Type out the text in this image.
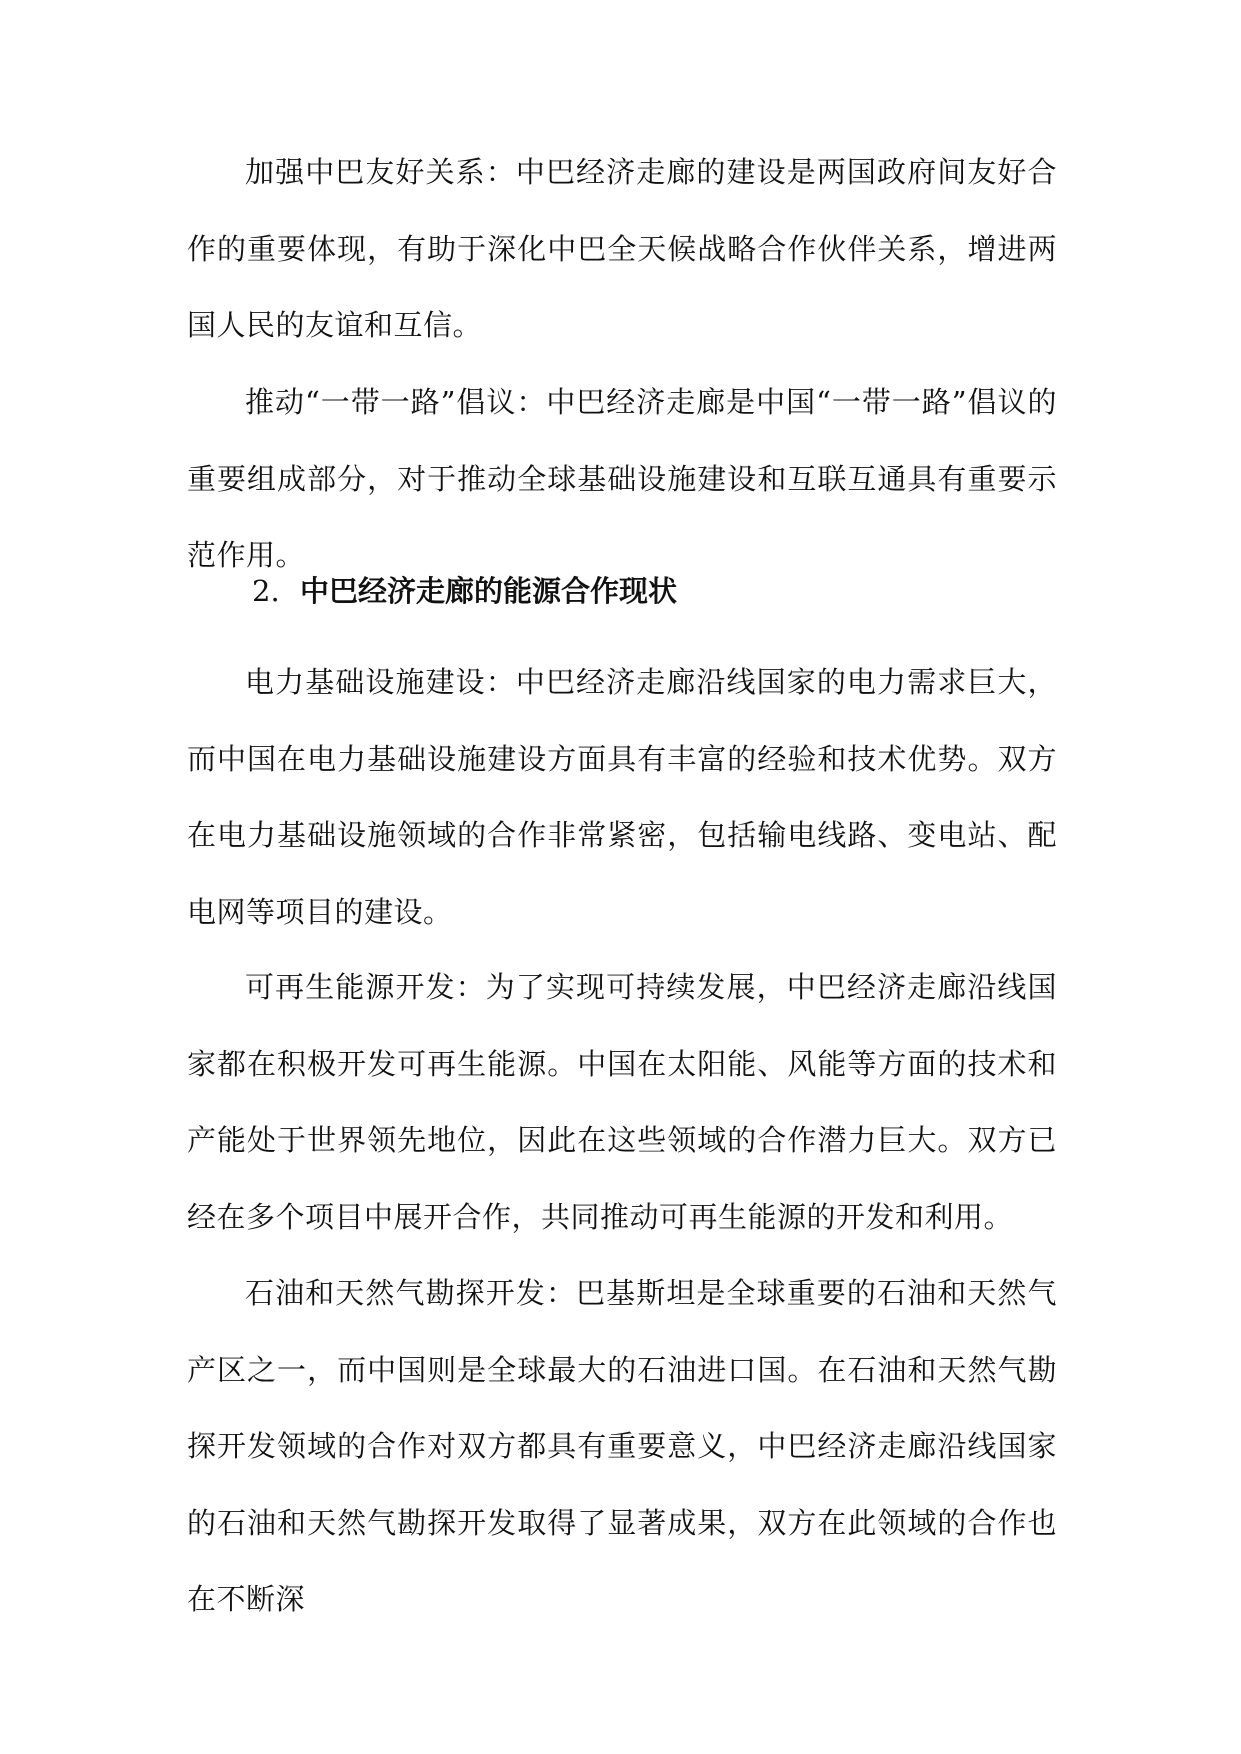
加强中巴友好关系：中巴经济走廊的建设是两国政府间友好合作的重要体现，有助于深化中巴全天候战略合作伙伴关系，增进两国人民的友谊和互信。

推动“一带一路”倡议：中巴经济走廊是中国“一带一路”倡议的重要组成部分，对于推动全球基础设施建设和互联互通具有重要示范作用。

2. 中巴经济走廊的能源合作现状

电力基础设施建设：中巴经济走廊沿线国家的电力需求巨大，而中国在电力基础设施建设方面具有丰富的经验和技术优势。双方在电力基础设施领域的合作非常紧密，包括输电线路、变电站、配电网等项目的建设。

可再生能源开发：为了实现可持续发展，中巴经济走廊沿线国家都在积极开发可再生能源。中国在太阳能、风能等方面的技术和产能处于世界领先地位，因此在这些领域的合作潜力巨大。双方已经在多个项目中展开合作，共同推动可再生能源的开发和利用。

石油和天然气勘探开发：巴基斯坦是全球重要的石油和天然气产区之一，而中国则是全球最大的石油进口国。在石油和天然气勘探开发领域的合作对双方都具有重要意义，中巴经济走廊沿线国家的石油和天然气勘探开发取得了显著成果，双方在此领域的合作也在不断深
